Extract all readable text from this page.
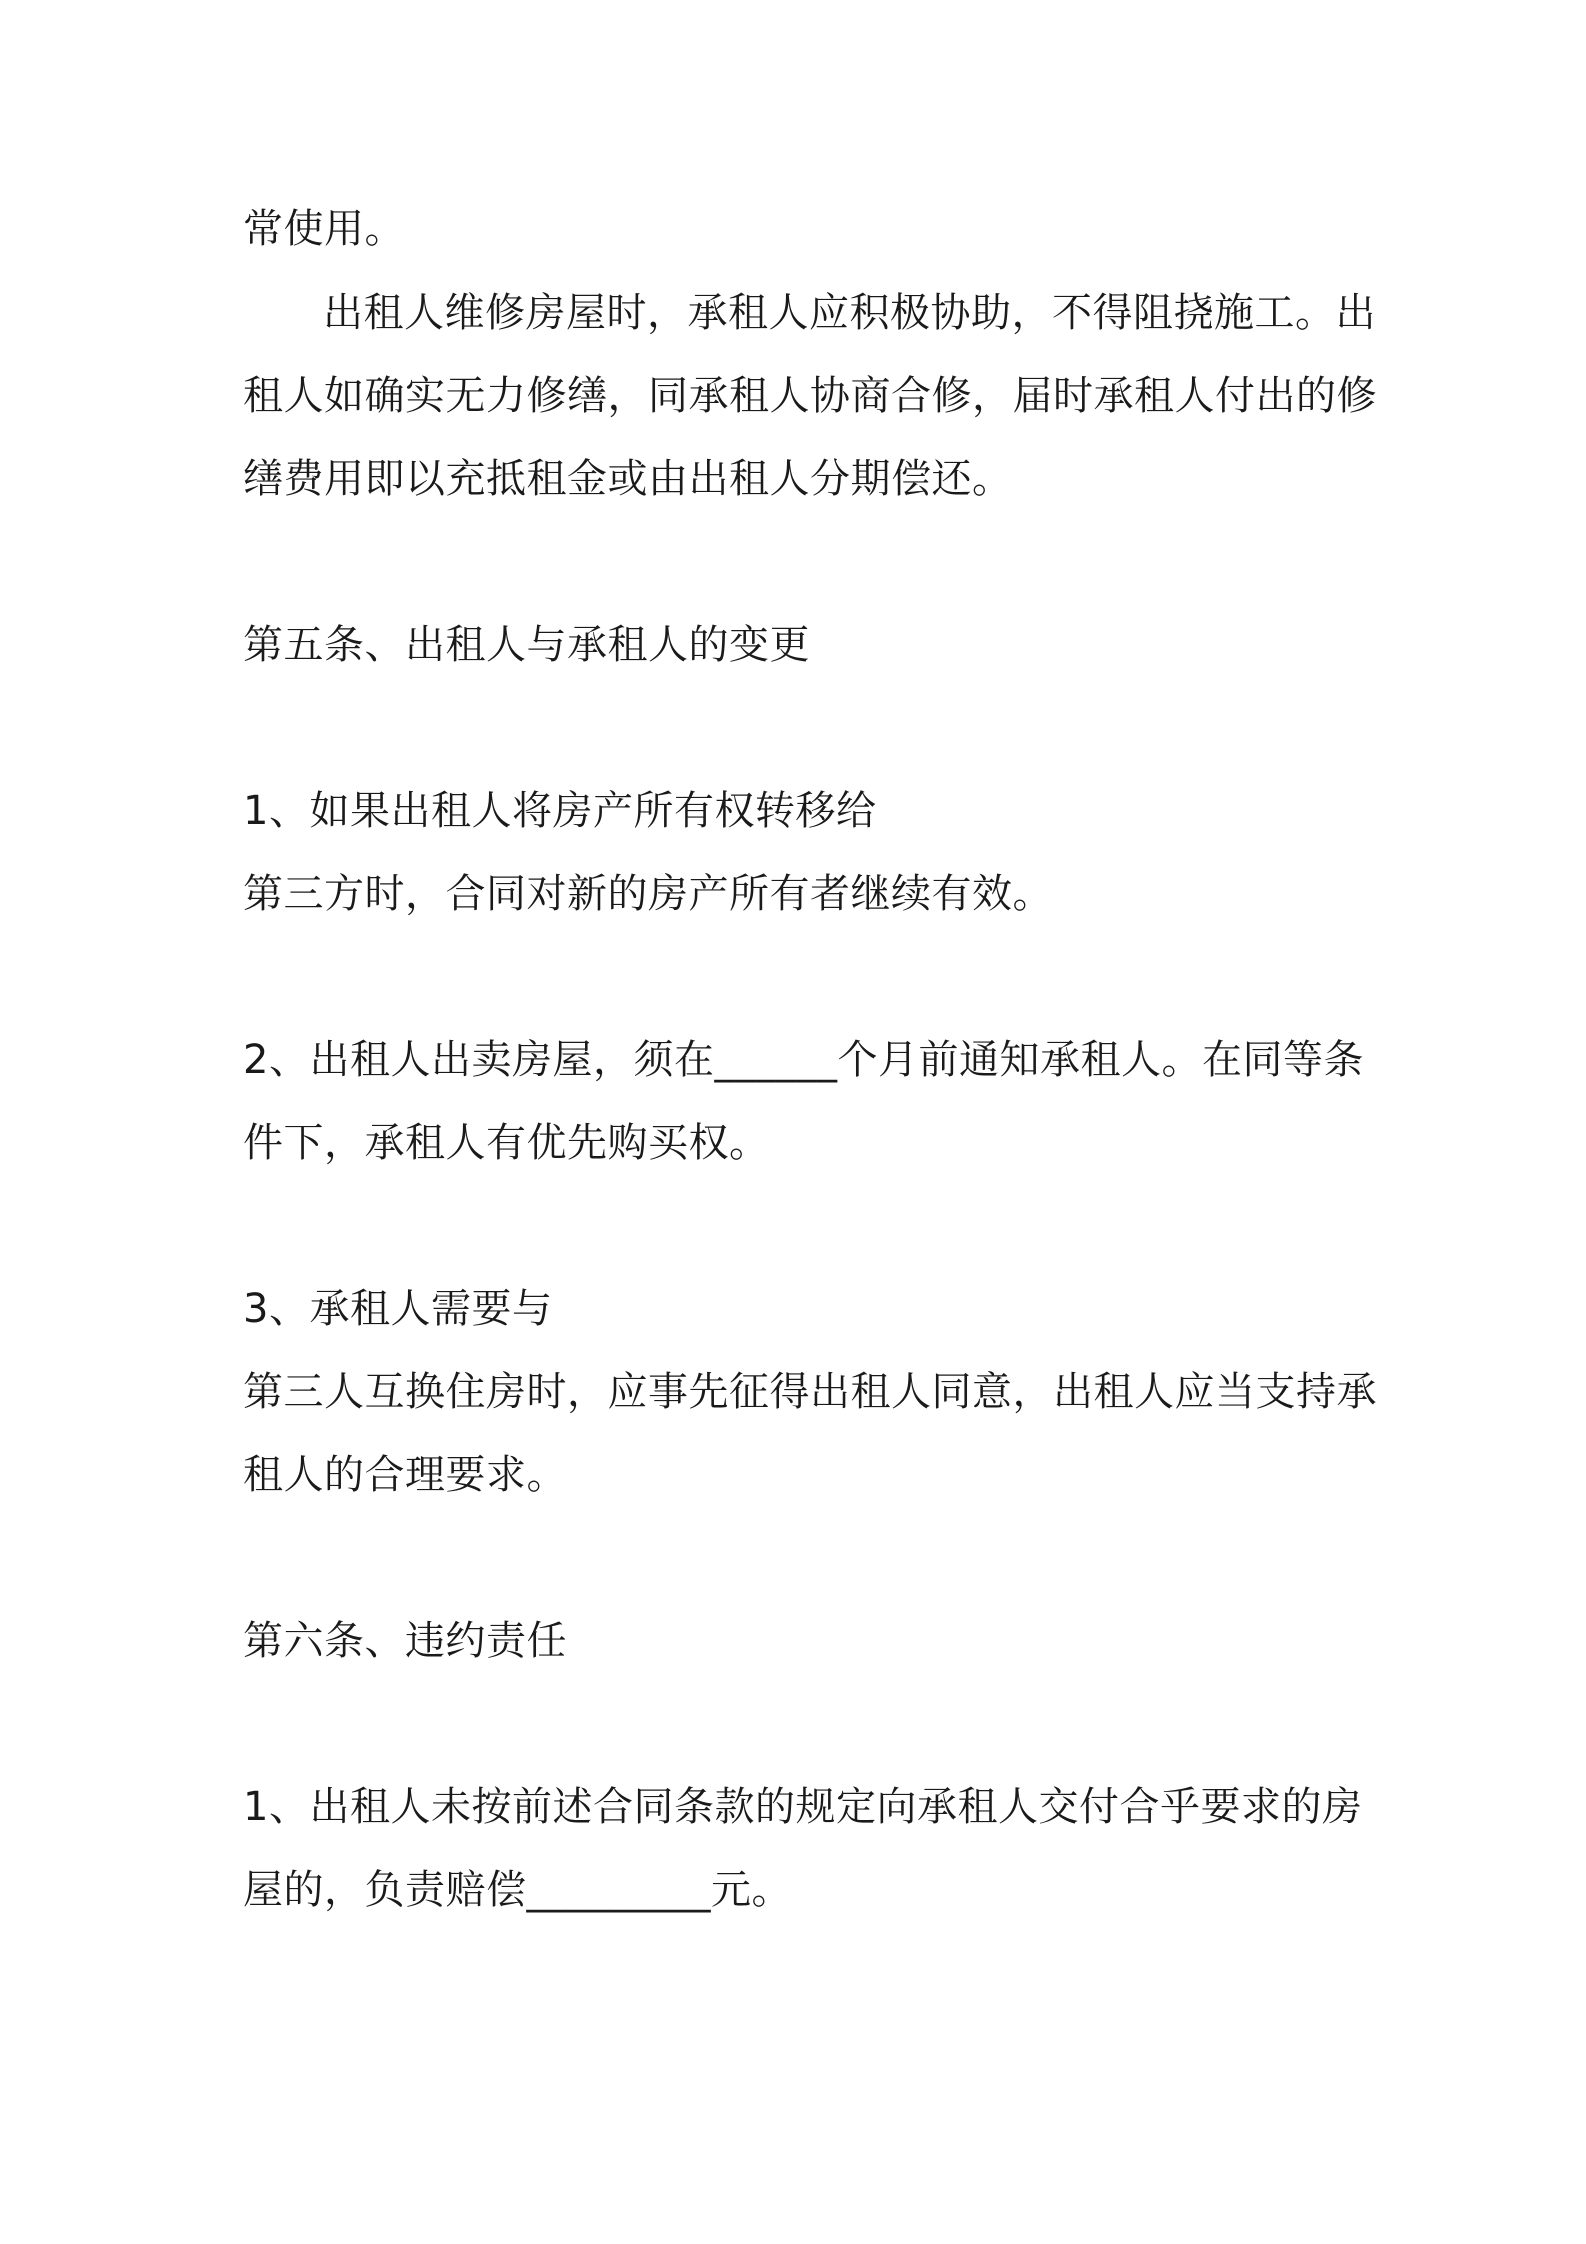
常使用。

出租人维修房屋时，承租人应积极协助，不得阻挠施工。出

租人如确实无力修缮，同承租人协商合修，届时承租人付出的修

缮费用即以充抵租金或由出租人分期偿还。

第五条、出租人与承租人的变更

1、如果出租人将房产所有权转移给

第三方时，合同对新的房产所有者继续有效。

2、出租人出卖房屋，须在______个月前通知承租人。在同等条

件下，承租人有优先购买权。

3、承租人需要与

第三人互换住房时，应事先征得出租人同意，出租人应当支持承

租人的合理要求。

第六条、违约责任

1、出租人未按前述合同条款的规定向承租人交付合乎要求的房

屋的，负责赔偿_________元。
